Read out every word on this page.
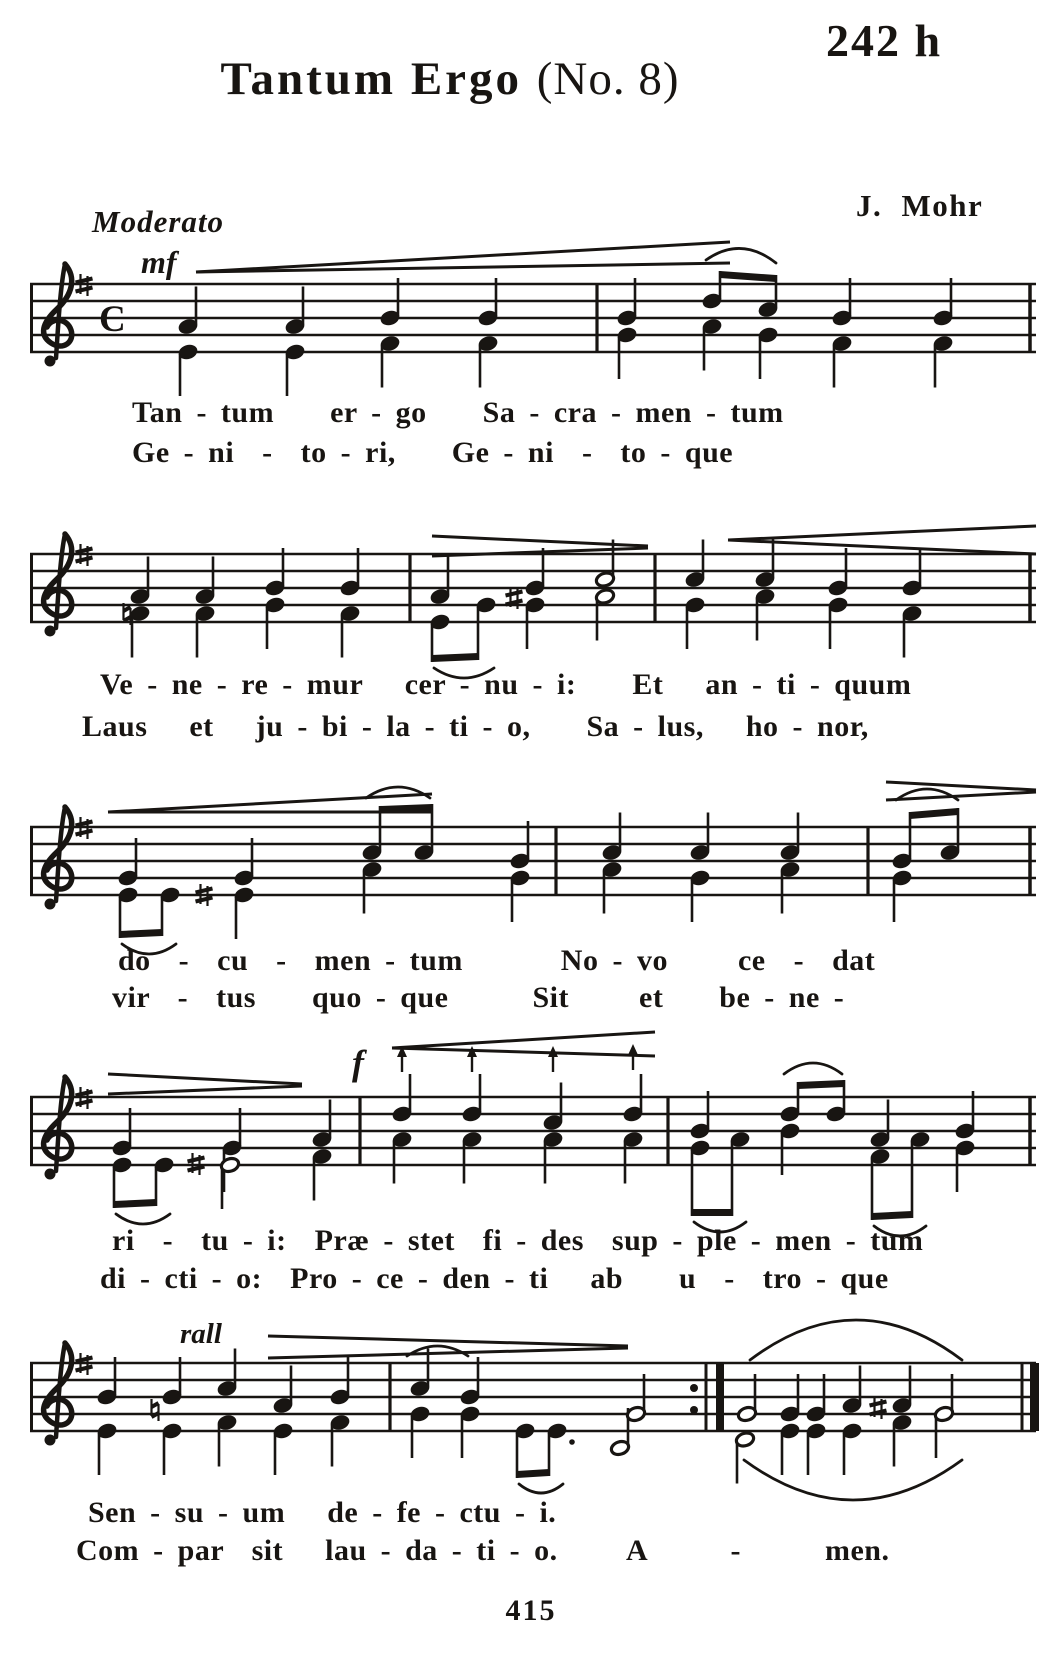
242 h
Tantum Ergo (No. 8)
Moderato	J. Mohr
mf
f
rall
C
Tan - tum    er - go    Sa - cra - men - tum
Ge - ni  -  to - ri,    Ge - ni  -  to - que
Ve - ne - re - mur   cer - nu - i:    Et   an - ti - quum
Laus   et   ju - bi - la - ti - o,    Sa - lus,   ho - nor,
do  -  cu  -  men - tum       No - vo     ce  -  dat
vir  -  tus    quo - que      Sit     et    be - ne -
ri  -  tu - i:  Præ - stet  fi - des  sup - ple - men - tum
di - cti - o:  Pro - ce - den - ti   ab    u  -  tro - que
Sen - su - um   de - fe - ctu - i.
Com - par  sit   lau - da - ti - o.     A      -      men.
415
